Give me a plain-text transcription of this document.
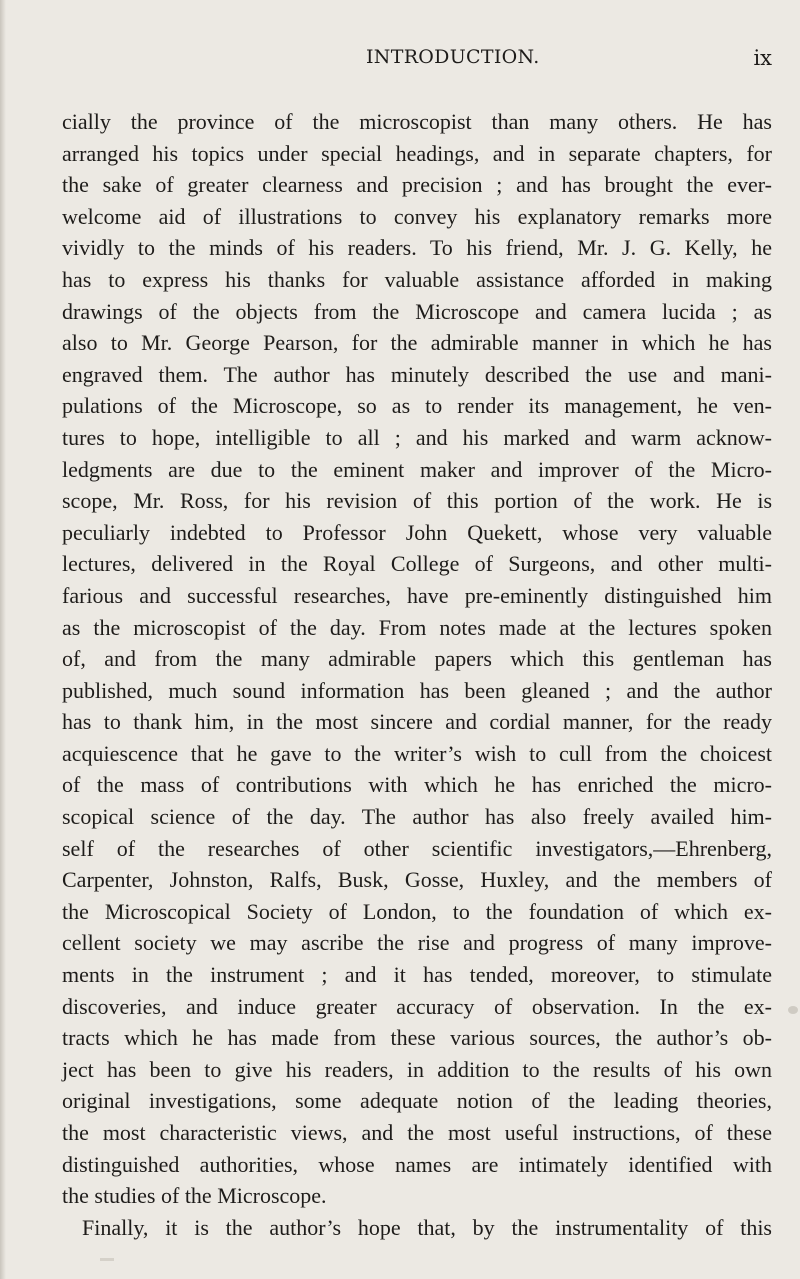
INTRODUCTION.	ix
cially the province of the microscopist than many others. He has
arranged his topics under special headings, and in separate chapters, for
the sake of greater clearness and precision ; and has brought the ever-
welcome aid of illustrations to convey his explanatory remarks more
vividly to the minds of his readers. To his friend, Mr. J. G. Kelly, he
has to express his thanks for valuable assistance afforded in making
drawings of the objects from the Microscope and camera lucida ; as
also to Mr. George Pearson, for the admirable manner in which he has
engraved them. The author has minutely described the use and mani-
pulations of the Microscope, so as to render its management, he ven-
tures to hope, intelligible to all ; and his marked and warm acknow-
ledgments are due to the eminent maker and improver of the Micro-
scope, Mr. Ross, for his revision of this portion of the work. He is
peculiarly indebted to Professor John Quekett, whose very valuable
lectures, delivered in the Royal College of Surgeons, and other multi-
farious and successful researches, have pre-eminently distinguished him
as the microscopist of the day. From notes made at the lectures spoken
of, and from the many admirable papers which this gentleman has
published, much sound information has been gleaned ; and the author
has to thank him, in the most sincere and cordial manner, for the ready
acquiescence that he gave to the writer’s wish to cull from the choicest
of the mass of contributions with which he has enriched the micro-
scopical science of the day. The author has also freely availed him-
self of the researches of other scientific investigators,—Ehrenberg,
Carpenter, Johnston, Ralfs, Busk, Gosse, Huxley, and the members of
the Microscopical Society of London, to the foundation of which ex-
cellent society we may ascribe the rise and progress of many improve-
ments in the instrument ; and it has tended, moreover, to stimulate
discoveries, and induce greater accuracy of observation. In the ex-
tracts which he has made from these various sources, the author’s ob-
ject has been to give his readers, in addition to the results of his own
original investigations, some adequate notion of the leading theories,
the most characteristic views, and the most useful instructions, of these
distinguished authorities, whose names are intimately identified with
the studies of the Microscope.
Finally, it is the author’s hope that, by the instrumentality of this
